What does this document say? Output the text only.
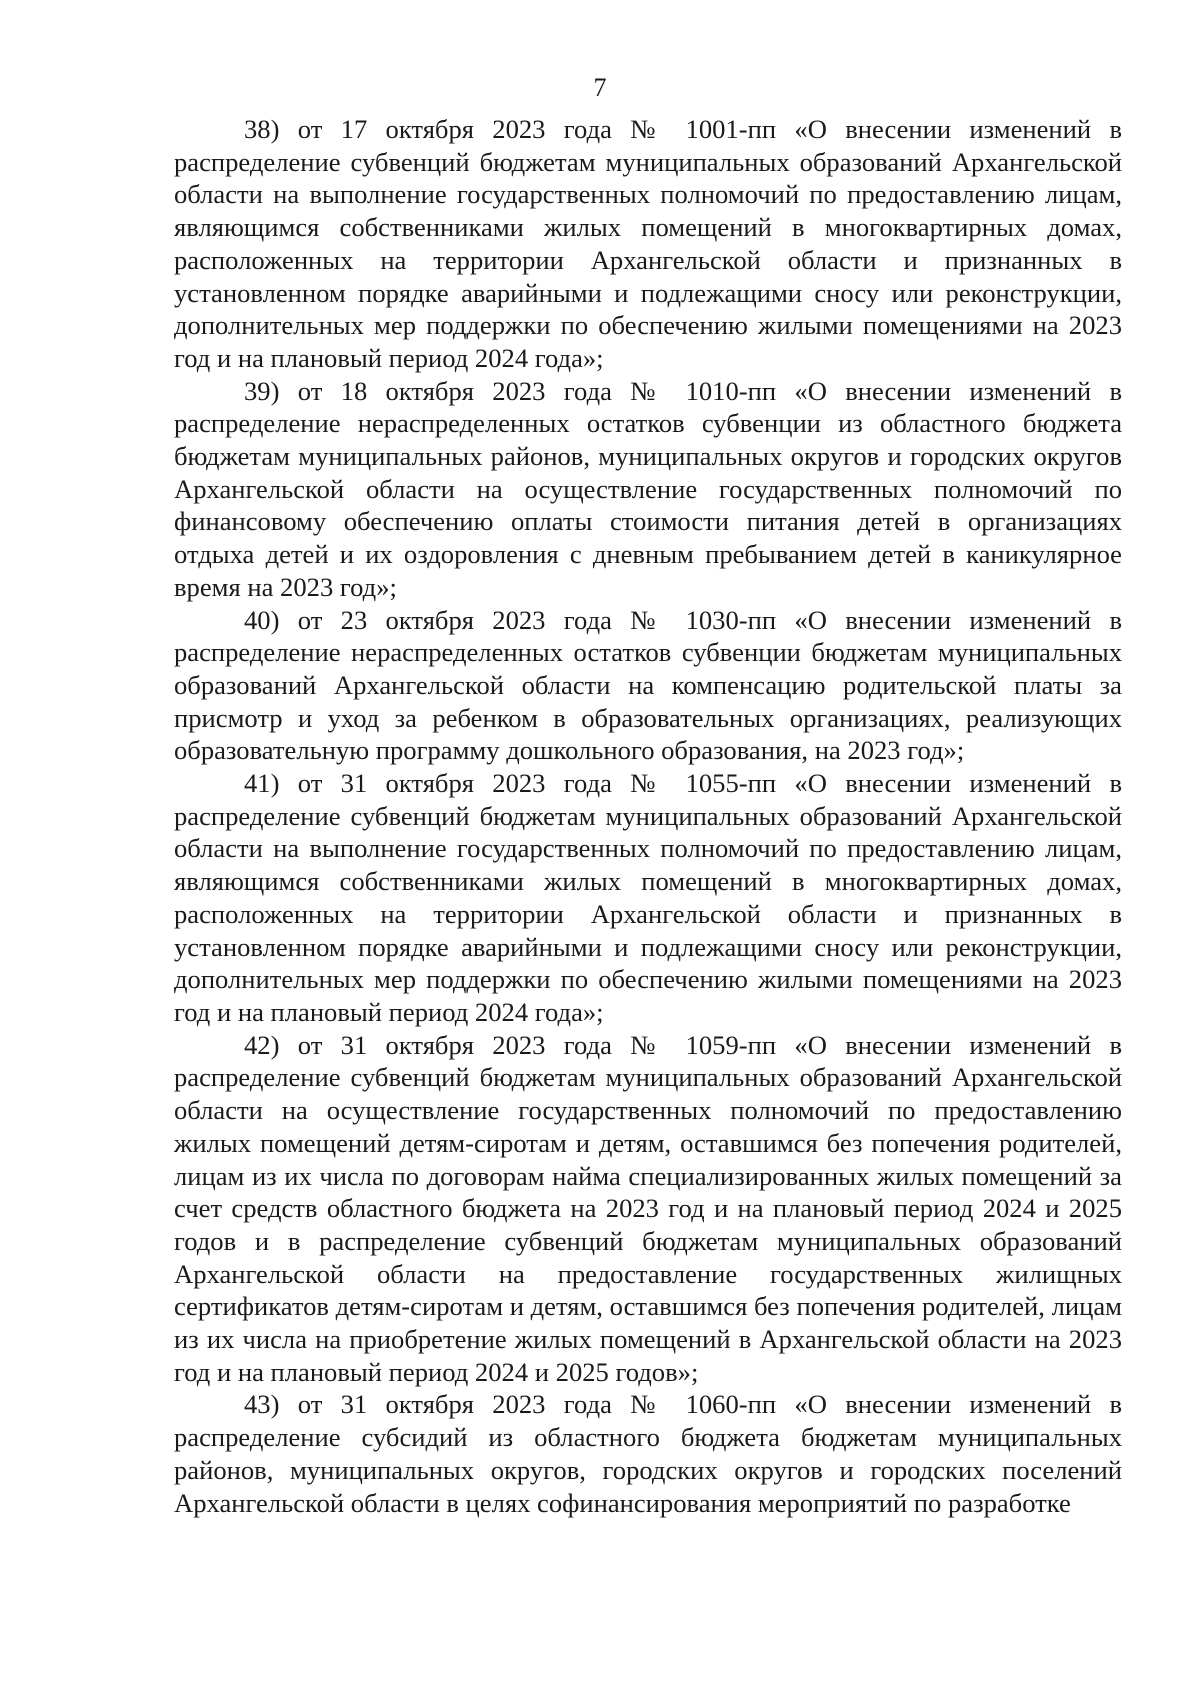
7

38) от 17 октября 2023 года № 1001-пп «О внесении изменений в распределение субвенций бюджетам муниципальных образований Архангельской области на выполнение государственных полномочий по предоставлению лицам, являющимся собственниками жилых помещений в многоквартирных домах, расположенных на территории Архангельской области и признанных в установленном порядке аварийными и подлежащими сносу или реконструкции, дополнительных мер поддержки по обеспечению жилыми помещениями на 2023 год и на плановый период 2024 года»;

39) от 18 октября 2023 года № 1010-пп «О внесении изменений в распределение нераспределенных остатков субвенции из областного бюджета бюджетам муниципальных районов, муниципальных округов и городских округов Архангельской области на осуществление государственных полномочий по финансовому обеспечению оплаты стоимости питания детей в организациях отдыха детей и их оздоровления с дневным пребыванием детей в каникулярное время на 2023 год»;

40) от 23 октября 2023 года № 1030-пп «О внесении изменений в распределение нераспределенных остатков субвенции бюджетам муниципальных образований Архангельской области на компенсацию родительской платы за присмотр и уход за ребенком в образовательных организациях, реализующих образовательную программу дошкольного образования, на 2023 год»;

41) от 31 октября 2023 года № 1055-пп «О внесении изменений в распределение субвенций бюджетам муниципальных образований Архангельской области на выполнение государственных полномочий по предоставлению лицам, являющимся собственниками жилых помещений в многоквартирных домах, расположенных на территории Архангельской области и признанных в установленном порядке аварийными и подлежащими сносу или реконструкции, дополнительных мер поддержки по обеспечению жилыми помещениями на 2023 год и на плановый период 2024 года»;

42) от 31 октября 2023 года № 1059-пп «О внесении изменений в распределение субвенций бюджетам муниципальных образований Архангельской области на осуществление государственных полномочий по предоставлению жилых помещений детям-сиротам и детям, оставшимся без попечения родителей, лицам из их числа по договорам найма специализированных жилых помещений за счет средств областного бюджета на 2023 год и на плановый период 2024 и 2025 годов и в распределение субвенций бюджетам муниципальных образований Архангельской области на предоставление государственных жилищных сертификатов детям-сиротам и детям, оставшимся без попечения родителей, лицам из их числа на приобретение жилых помещений в Архангельской области на 2023 год и на плановый период 2024 и 2025 годов»;

43) от 31 октября 2023 года № 1060-пп «О внесении изменений в распределение субсидий из областного бюджета бюджетам муниципальных районов, муниципальных округов, городских округов и городских поселений Архангельской области в целях софинансирования мероприятий по разработке
